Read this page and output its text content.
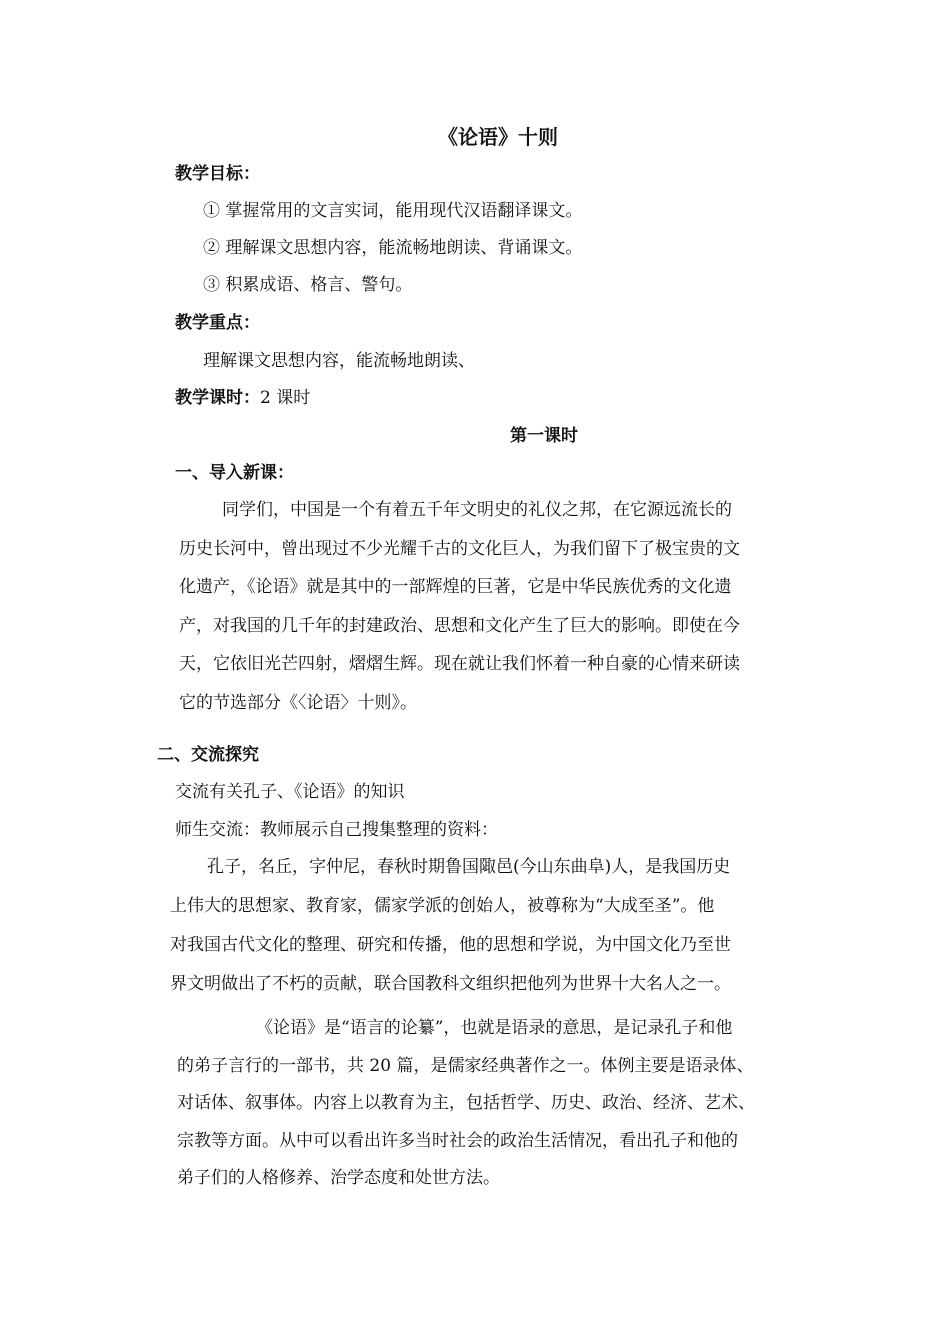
《论语》十则
教学目标：
① 掌握常用的文言实词，能用现代汉语翻译课文。
② 理解课文思想内容，能流畅地朗读、背诵课文。
③ 积累成语、格言、警句。
教学重点：
理解课文思想内容，能流畅地朗读、
教学课时：2 课时
第一课时
一、导入新课：
同学们，中国是一个有着五千年文明史的礼仪之邦，在它源远流长的
历史长河中，曾出现过不少光耀千古的文化巨人，为我们留下了极宝贵的文
化遗产，《论语》就是其中的一部辉煌的巨著，它是中华民族优秀的文化遗
产，对我国的几千年的封建政治、思想和文化产生了巨大的影响。即使在今
天，它依旧光芒四射，熠熠生辉。现在就让我们怀着一种自豪的心情来研读
它的节选部分《〈论语〉十则》。
二、交流探究
交流有关孔子、《论语》的知识
师生交流：教师展示自己搜集整理的资料：
孔子，名丘，字仲尼，春秋时期鲁国陬邑(今山东曲阜)人，是我国历史
上伟大的思想家、教育家，儒家学派的创始人，被尊称为“大成至圣”。他
对我国古代文化的整理、研究和传播，他的思想和学说，为中国文化乃至世
界文明做出了不朽的贡献，联合国教科文组织把他列为世界十大名人之一。
《论语》是“语言的论纂”，也就是语录的意思，是记录孔子和他
的弟子言行的一部书，共 20 篇，是儒家经典著作之一。体例主要是语录体、
对话体、叙事体。内容上以教育为主，包括哲学、历史、政治、经济、艺术、
宗教等方面。从中可以看出许多当时社会的政治生活情况，看出孔子和他的
弟子们的人格修养、治学态度和处世方法。
